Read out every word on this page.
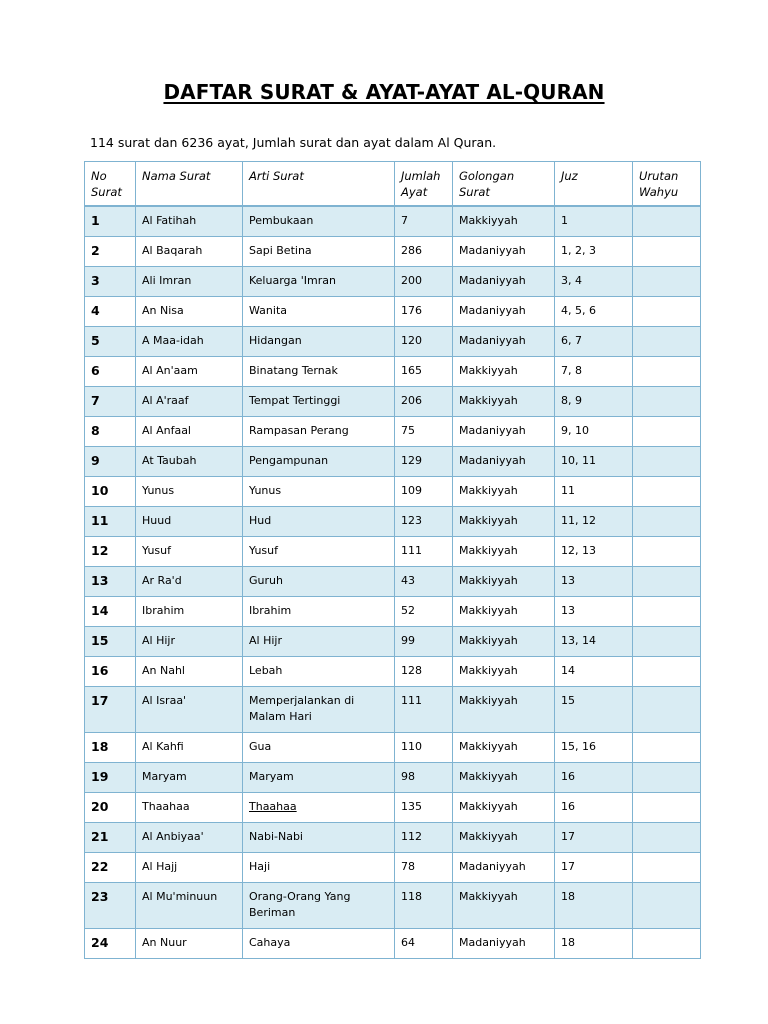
DAFTAR SURAT & AYAT-AYAT AL-QURAN
114 surat dan 6236 ayat, Jumlah surat dan ayat dalam Al Quran.
No Surat	Nama Surat	Arti Surat	Jumlah Ayat	Golongan Surat	Juz	Urutan Wahyu
1	Al Fatihah	Pembukaan	7	Makkiyyah	1	
2	Al Baqarah	Sapi Betina	286	Madaniyyah	1, 2, 3	
3	Ali Imran	Keluarga 'Imran	200	Madaniyyah	3, 4	
4	An Nisa	Wanita	176	Madaniyyah	4, 5, 6	
5	A Maa-idah	Hidangan	120	Madaniyyah	6, 7	
6	Al An'aam	Binatang Ternak	165	Makkiyyah	7, 8	
7	Al A'raaf	Tempat Tertinggi	206	Makkiyyah	8, 9	
8	Al Anfaal	Rampasan Perang	75	Madaniyyah	9, 10	
9	At Taubah	Pengampunan	129	Madaniyyah	10, 11	
10	Yunus	Yunus	109	Makkiyyah	11	
11	Huud	Hud	123	Makkiyyah	11, 12	
12	Yusuf	Yusuf	111	Makkiyyah	12, 13	
13	Ar Ra'd	Guruh	43	Makkiyyah	13	
14	Ibrahim	Ibrahim	52	Makkiyyah	13	
15	Al Hijr	Al Hijr	99	Makkiyyah	13, 14	
16	An Nahl	Lebah	128	Makkiyyah	14	
17	Al Israa'	Memperjalankan di Malam Hari	111	Makkiyyah	15	
18	Al Kahfi	Gua	110	Makkiyyah	15, 16	
19	Maryam	Maryam	98	Makkiyyah	16	
20	Thaahaa	Thaahaa	135	Makkiyyah	16	
21	Al Anbiyaa'	Nabi-Nabi	112	Makkiyyah	17	
22	Al Hajj	Haji	78	Madaniyyah	17	
23	Al Mu'minuun	Orang-Orang Yang Beriman	118	Makkiyyah	18	
24	An Nuur	Cahaya	64	Madaniyyah	18	
